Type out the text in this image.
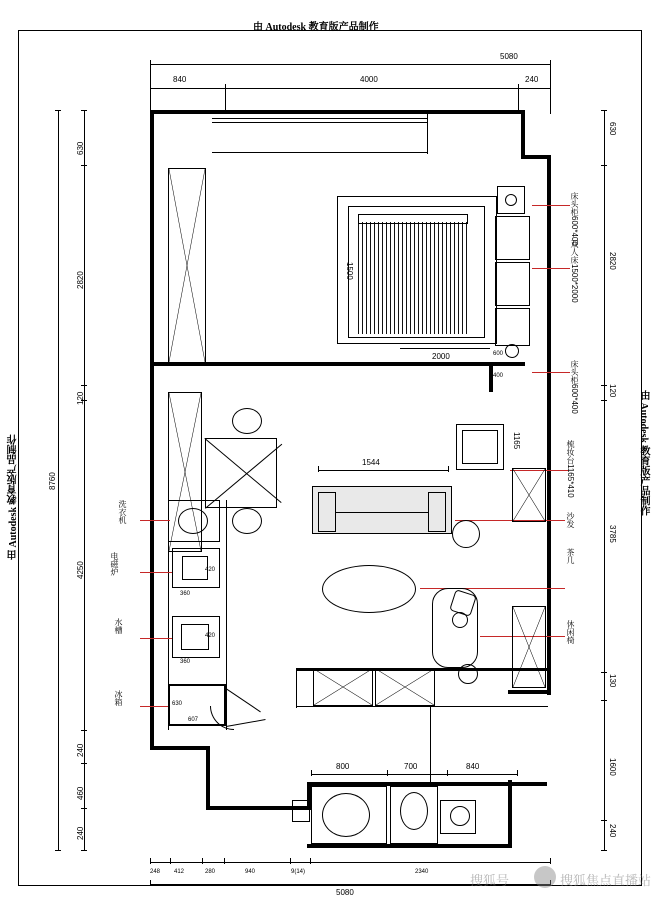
由 Autodesk 教育版产品制作
由 Autodesk 教育版产品制作	由 Autodesk 教育版产品制作
5080
840	4000	240
8760
630
2820
120
4250
240
460
240
630
2820
120
3785
130
1600
240
248 412	280	940	9(14)	2340
5080
1500
2000	600
400
床头柜600*400
双人床1500*2000
床头柜600*400
420
360
420
360
630
607
洗衣机
电磁炉
水槽
冰箱
1544
沙发
茶几
1165	梳妆台1165*410
休闲椅
800	700	840
搜狐号	搜狐焦点直播站
